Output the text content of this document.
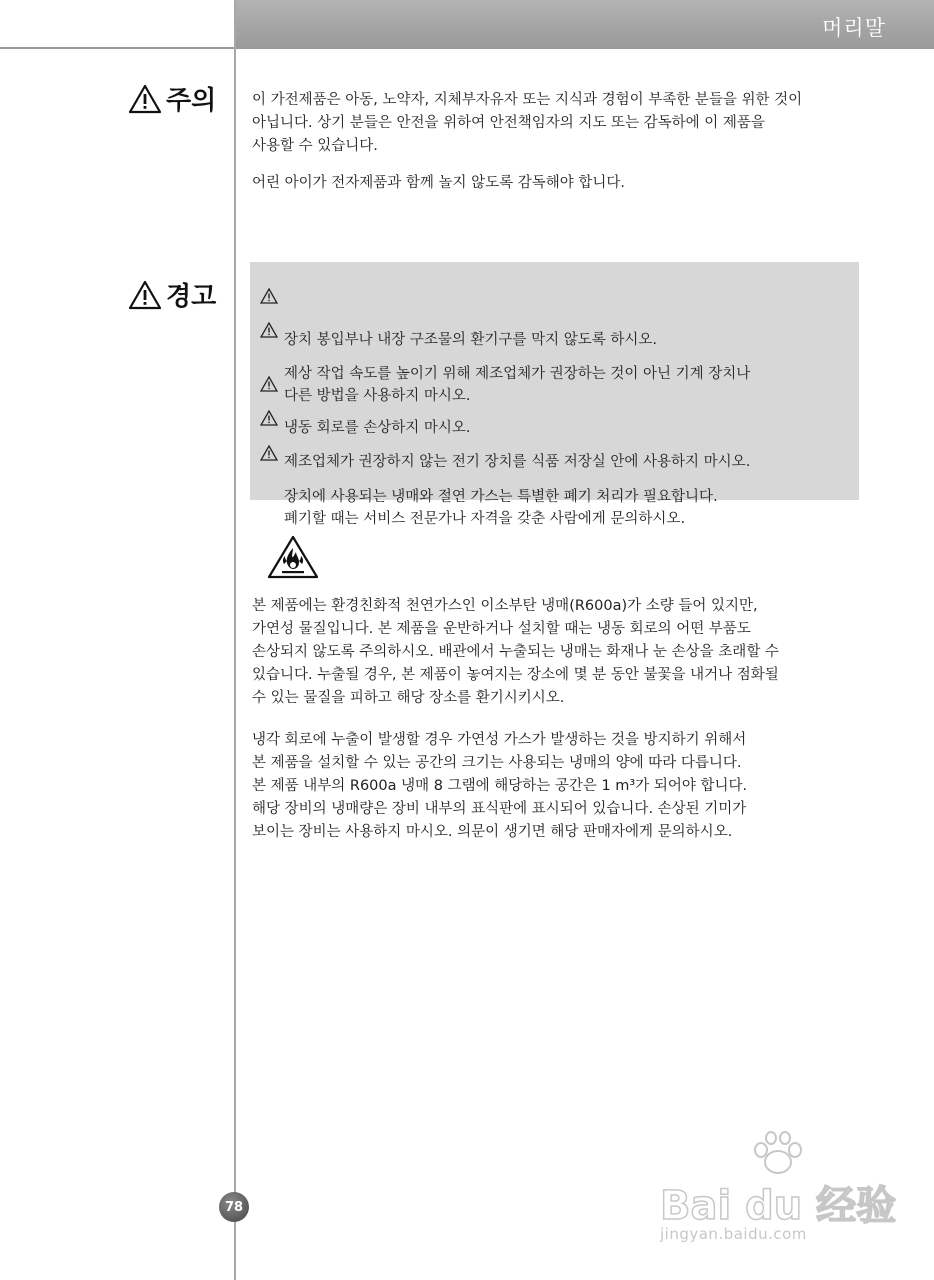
머리말
주의 이 가전제품은 아동, 노약자, 지체부자유자 또는 지식과 경험이 부족한 분들을 위한 것이
아닙니다. 상기 분들은 안전을 위하여 안전책임자의 지도 또는 감독하에 이 제품을
사용할 수 있습니다.

어린 아이가 전자제품과 함께 놀지 않도록 감독해야 합니다.

경고

장치 봉입부나 내장 구조물의 환기구를 막지 않도록 하시오.

제상 작업 속도를 높이기 위해 제조업체가 권장하는 것이 아닌 기계 장치나
다른 방법을 사용하지 마시오.

냉동 회로를 손상하지 마시오.

제조업체가 권장하지 않는 전기 장치를 식품 저장실 안에 사용하지 마시오.

장치에 사용되는 냉매와 절연 가스는 특별한 폐기 처리가 필요합니다.
폐기할 때는 서비스 전문가나 자격을 갖춘 사람에게 문의하시오.

본 제품에는 환경친화적 천연가스인 이소부탄 냉매(R600a)가 소량 들어 있지만,
가연성 물질입니다. 본 제품을 운반하거나 설치할 때는 냉동 회로의 어떤 부품도
손상되지 않도록 주의하시오. 배관에서 누출되는 냉매는 화재나 눈 손상을 초래할 수
있습니다. 누출될 경우, 본 제품이 놓여지는 장소에 몇 분 동안 불꽃을 내거나 점화될
수 있는 물질을 피하고 해당 장소를 환기시키시오.

냉각 회로에 누출이 발생할 경우 가연성 가스가 발생하는 것을 방지하기 위해서
본 제품을 설치할 수 있는 공간의 크기는 사용되는 냉매의 양에 따라 다릅니다.
본 제품 내부의 R600a 냉매 8 그램에 해당하는 공간은 1 m³가 되어야 합니다.
해당 장비의 냉매량은 장비 내부의 표식판에 표시되어 있습니다. 손상된 기미가
보이는 장비는 사용하지 마시오. 의문이 생기면 해당 판매자에게 문의하시오.

78	Bai du 经验
jingyan.baidu.com
